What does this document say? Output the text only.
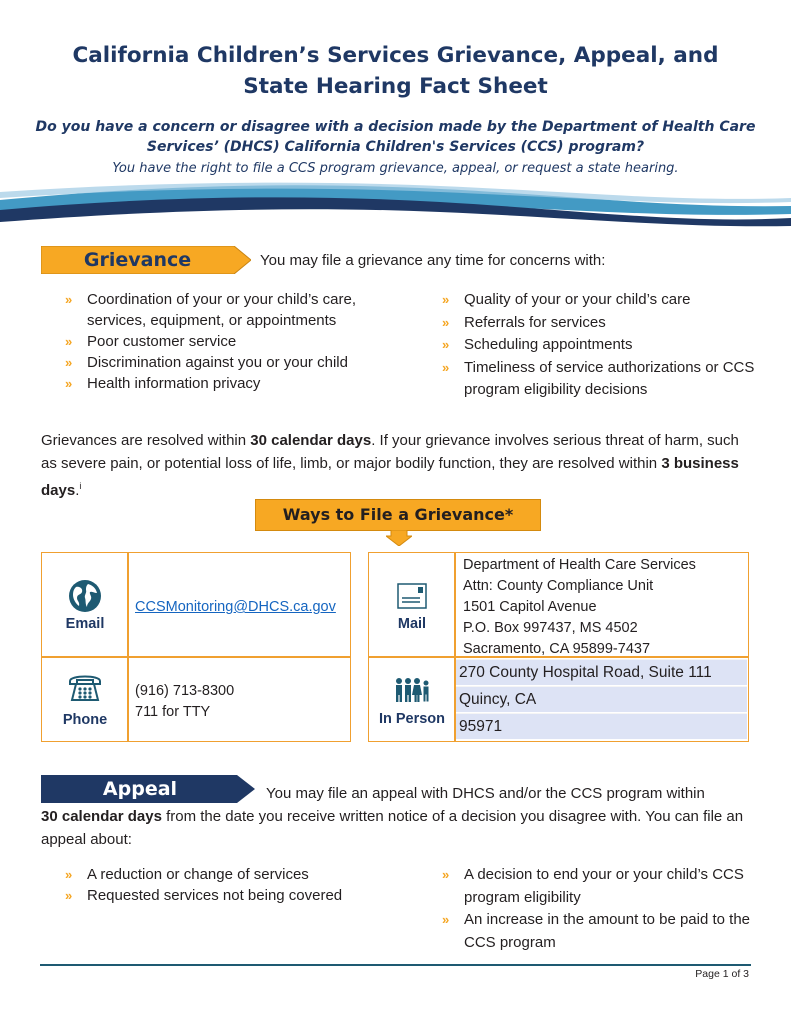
California Children’s Services Grievance, Appeal, and
State Hearing Fact Sheet
Do you have a concern or disagree with a decision made by the Department of Health Care
Services’ (DHCS) California Children's Services (CCS) program?
You have the right to file a CCS program grievance, appeal, or request a state hearing.
Grievance	You may file a grievance any time for concerns with:
» Coordination of your or your child’s care, services, equipment, or appointments
» Poor customer service
» Discrimination against you or your child
» Health information privacy
» Quality of your or your child’s care
» Referrals for services
» Scheduling appointments
» Timeliness of service authorizations or CCS program eligibility decisions
Grievances are resolved within 30 calendar days. If your grievance involves serious threat of harm, such as severe pain, or potential loss of life, limb, or major bodily function, they are resolved within 3 business days.$^i$
Ways to File a Grievance*
Email
CCSMonitoring@DHCS.ca.gov
Phone
(916) 713-8300
711 for TTY
Mail
Department of Health Care Services
Attn: County Compliance Unit
1501 Capitol Avenue
P.O. Box 997437, MS 4502
Sacramento, CA 95899-7437
In Person
270 County Hospital Road, Suite 111
Quincy, CA
95971
Appeal	You may file an appeal with DHCS and/or the CCS program within
30 calendar days from the date you receive written notice of a decision you disagree with. You can file an appeal about:
» A reduction or change of services
» Requested services not being covered
» A decision to end your or your child’s CCS program eligibility
» An increase in the amount to be paid to the CCS program
Page 1 of 3
